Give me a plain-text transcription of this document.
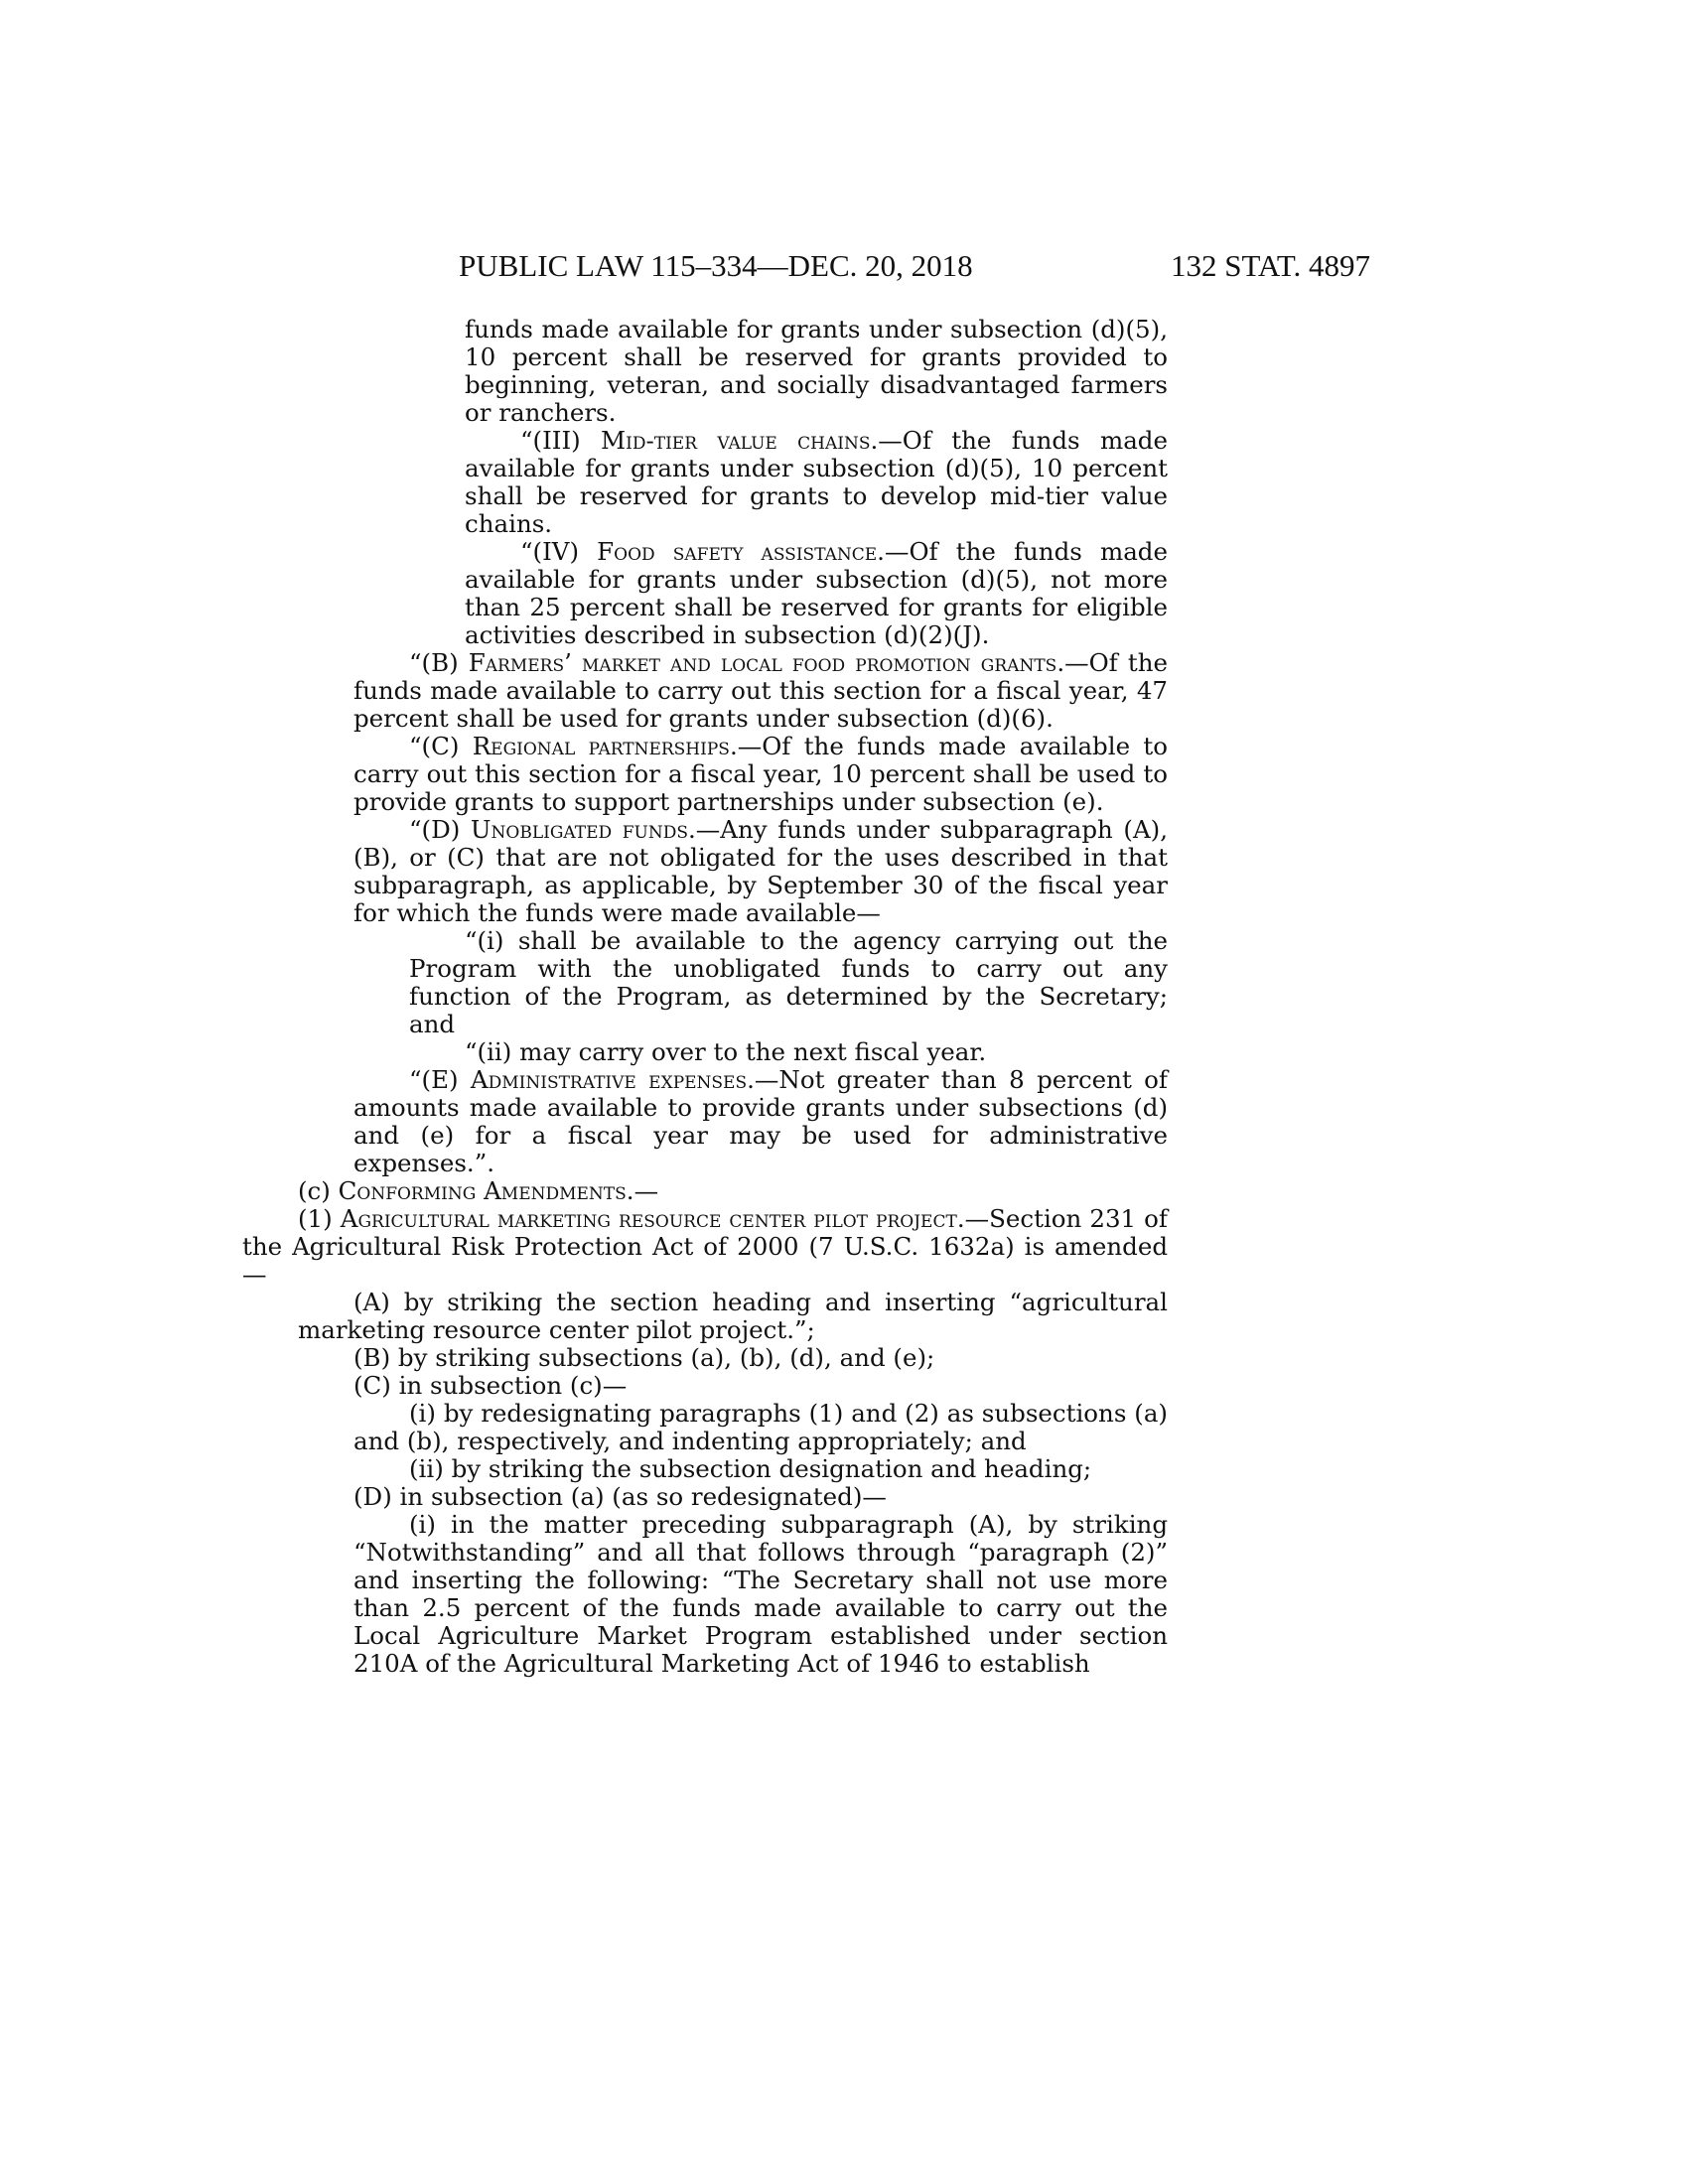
PUBLIC LAW 115–334—DEC. 20, 2018	132 STAT. 4897

funds made available for grants under subsection (d)(5), 10 percent shall be reserved for grants provided to beginning, veteran, and socially disadvantaged farmers or ranchers.

“(III) Mid-tier value chains.—Of the funds made available for grants under subsection (d)(5), 10 percent shall be reserved for grants to develop mid-tier value chains.

“(IV) Food safety assistance.—Of the funds made available for grants under subsection (d)(5), not more than 25 percent shall be reserved for grants for eligible activities described in subsection (d)(2)(J).

“(B) Farmers’ market and local food promotion grants.—Of the funds made available to carry out this section for a fiscal year, 47 percent shall be used for grants under subsection (d)(6).

“(C) Regional partnerships.—Of the funds made available to carry out this section for a fiscal year, 10 percent shall be used to provide grants to support partnerships under subsection (e).

“(D) Unobligated funds.—Any funds under subparagraph (A), (B), or (C) that are not obligated for the uses described in that subparagraph, as applicable, by September 30 of the fiscal year for which the funds were made available—

“(i) shall be available to the agency carrying out the Program with the unobligated funds to carry out any function of the Program, as determined by the Secretary; and

“(ii) may carry over to the next fiscal year.

“(E) Administrative expenses.—Not greater than 8 percent of amounts made available to provide grants under subsections (d) and (e) for a fiscal year may be used for administrative expenses.”.

(c) Conforming Amendments.—

(1) Agricultural marketing resource center pilot project.—Section 231 of the Agricultural Risk Protection Act of 2000 (7 U.S.C. 1632a) is amended—

(A) by striking the section heading and inserting “agricultural marketing resource center pilot project.”;

(B) by striking subsections (a), (b), (d), and (e);

(C) in subsection (c)—

(i) by redesignating paragraphs (1) and (2) as subsections (a) and (b), respectively, and indenting appropriately; and

(ii) by striking the subsection designation and heading;

(D) in subsection (a) (as so redesignated)—

(i) in the matter preceding subparagraph (A), by striking “Notwithstanding” and all that follows through “paragraph (2)” and inserting the following: “The Secretary shall not use more than 2.5 percent of the funds made available to carry out the Local Agriculture Market Program established under section 210A of the Agricultural Marketing Act of 1946 to establish
